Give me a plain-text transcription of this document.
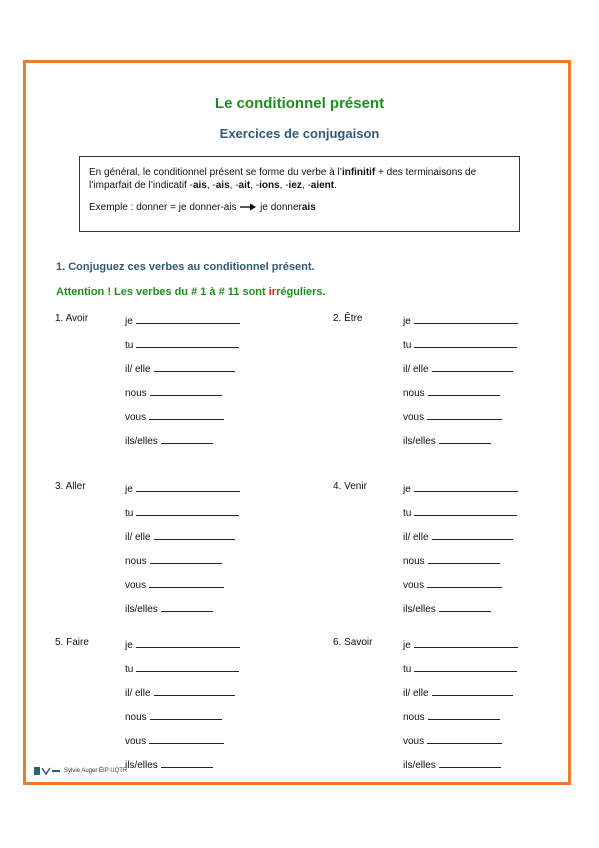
Le conditionnel présent
Exercices de conjugaison
En général, le conditionnel présent se forme du verbe à l’infinitif + des terminaisons de
l’imparfait de l’indicatif -ais, -ais, -ait, -ions, -iez, -aient.
Exemple : donner = je donner-ais je donnerais
1. Conjuguez ces verbes au conditionnel présent.
Attention ! Les verbes du # 1 à # 11 sont irréguliers.
1. Avoir	je
tu
il/ elle
nous
vous
ils/elles
2. Être	je
tu
il/ elle
nous
vous
ils/elles
3. Aller	je
tu
il/ elle
nous
vous
ils/elles
4. Venir	je
tu
il/ elle
nous
vous
ils/elles
5. Faire	je
tu
il/ elle
nous
vous
ils/elles
6. Savoir	je
tu
il/ elle
nous
vous
ils/elles
Sylvie Auger ÉIP UQTR
